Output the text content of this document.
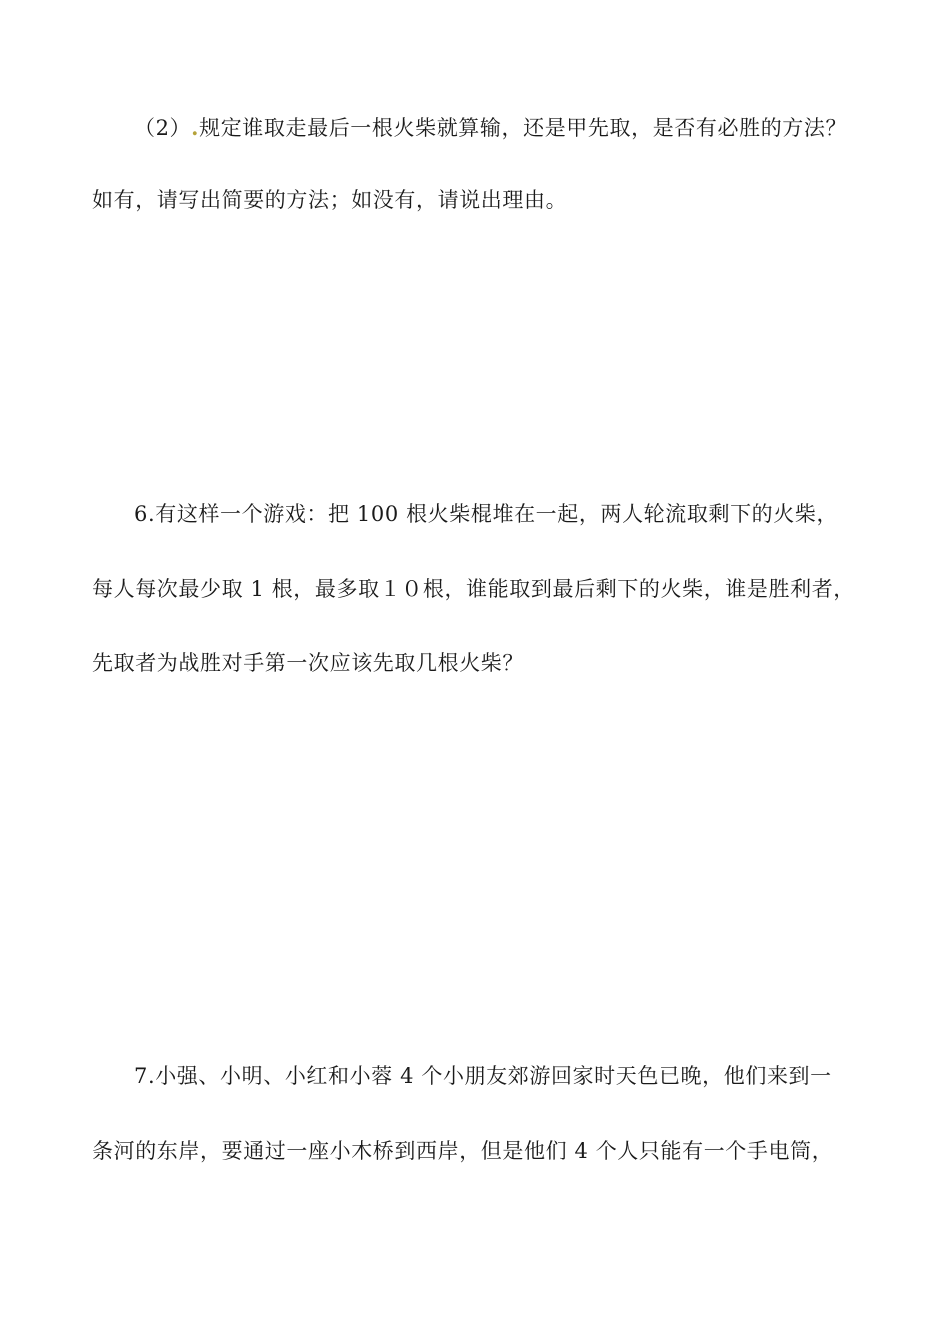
（2）.规定谁取走最后一根火柴就算输，还是甲先取，是否有必胜的方法？
如有，请写出简要的方法；如没有，请说出理由。
6.有这样一个游戏：把 100 根火柴棍堆在一起，两人轮流取剩下的火柴，
每人每次最少取 1 根，最多取１０根，谁能取到最后剩下的火柴，谁是胜利者，
先取者为战胜对手第一次应该先取几根火柴？
7.小强、小明、小红和小蓉 4 个小朋友郊游回家时天色已晚，他们来到一
条河的东岸，要通过一座小木桥到西岸，但是他们 4 个人只能有一个手电筒，
